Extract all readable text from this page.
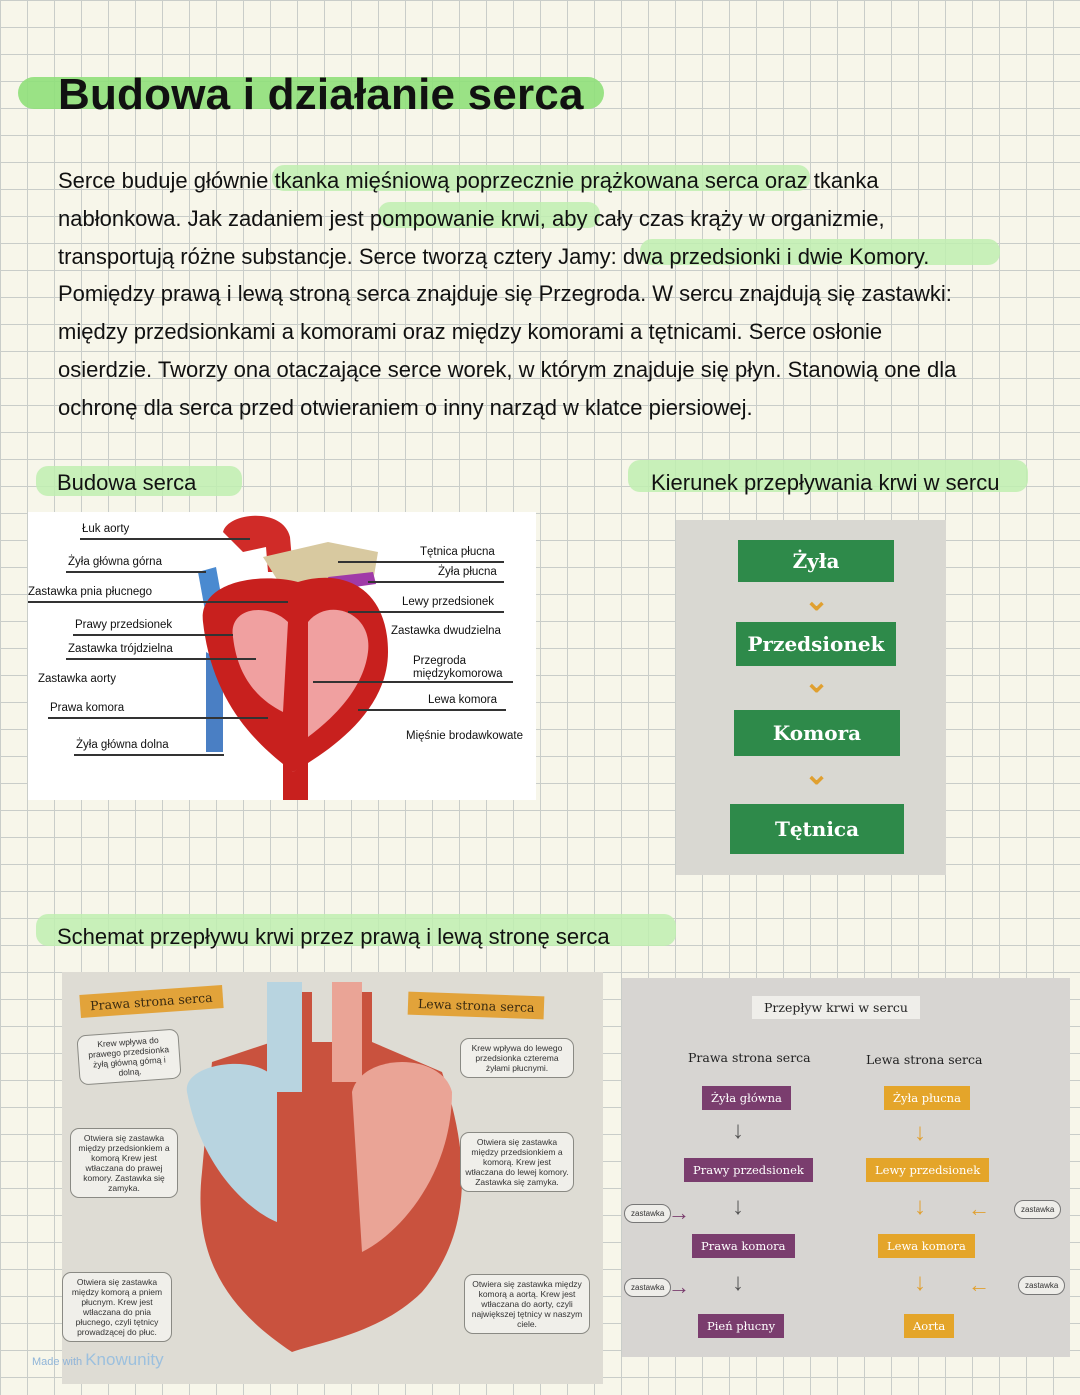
Budowa i działanie serca
Serce buduje głównie tkanka mięśniową poprzecznie prążkowana serca oraz tkanka
nabłonkowa. Jak zadaniem jest pompowanie krwi, aby cały czas krąży w organizmie,
transportują różne substancje. Serce tworzą cztery Jamy: dwa przedsionki i dwie Komory.
Pomiędzy prawą i lewą stroną serca znajduje się Przegroda. W sercu znajdują się zastawki:
między przedsionkami a komorami oraz między komorami a tętnicami. Serce osłonie
osierdzie. Tworzy ona otaczające serce worek, w którym znajduje się płyn. Stanowią one dla
ochronę dla serca przed otwieraniem o inny narząd w klatce piersiowej.
Budowa serca	Kierunek przepływania krwi w sercu
Łuk aorty
Żyła główna górna
Zastawka pnia płucnego
Prawy przedsionek
Zastawka trójdzielna
Zastawka aorty
Prawa komora
Żyła główna dolna
Tętnica płucna
Żyła płucna
Lewy przedsionek
Zastawka dwudzielna
Przegroda
międzykomorowa
Lewa komora
Mięśnie brodawkowate
Żyła
⌄
Przedsionek
⌄
Komora
⌄
Tętnica
Schemat przepływu krwi przez prawą i lewą stronę serca
Prawa strona serca	Lewa strona serca
Krew wpływa do prawego przedsionka żyłą główną górną i dolną.
Otwiera się zastawka między przedsionkiem a komorą Krew jest wtłaczana do prawej komory. Zastawka się zamyka.
Otwiera się zastawka między komorą a pniem płucnym. Krew jest wtłaczana do pnia płucnego, czyli tętnicy prowadzącej do płuc.
Krew wpływa do lewego przedsionka czterema żyłami płucnymi.
Otwiera się zastawka między przedsionkiem a komorą. Krew jest wtłaczana do lewej komory. Zastawka się zamyka.
Otwiera się zastawka między komorą a aortą. Krew jest wtłaczana do aorty, czyli największej tętnicy w naszym ciele.
Przepływ krwi w sercu
Prawa strona serca	Lewa strona serca
Żyła główna
↓
Prawy przedsionek
↓
Prawa komora
↓
Pień płucny
Żyła płucna
↓
Lewy przedsionek
↓
Lewa komora
↓
Aorta
zastawka →
zastawka →
zastawka
←
zastawka
←
Made with Knowunity
